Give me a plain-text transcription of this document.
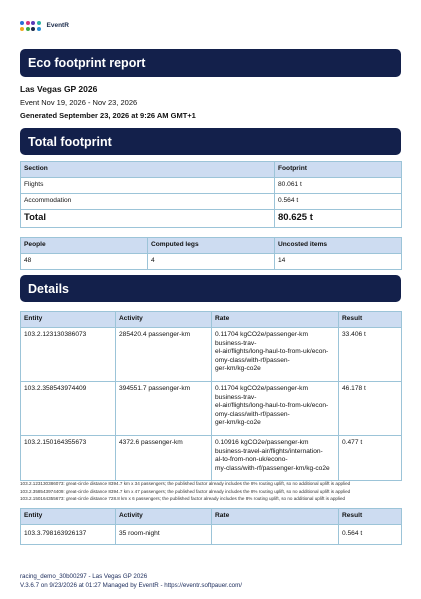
EventR
Eco footprint report
Las Vegas GP 2026
Event Nov 19, 2026 - Nov 23, 2026
Generated September 23, 2026 at 9:26 AM GMT+1
Total footprint
Section	Footprint
Flights	80.061 t
Accommodation	0.564 t
Total	80.625 t
People	Computed legs	Uncosted items
48	4	14
Details
Entity	Activity	Rate	Result
103.2.123130386073	285420.4 passenger-km	0.11704 kgCO2e/passenger-km
business-trav-
el-air/flights/long-haul-to-from-uk/econ-
omy-class/with-rf/passen-
ger-km/kg-co2e	33.406 t
103.2.358543974409	394551.7 passenger-km	0.11704 kgCO2e/passenger-km
business-trav-
el-air/flights/long-haul-to-from-uk/econ-
omy-class/with-rf/passen-
ger-km/kg-co2e	46.178 t
103.2.150164355673	4372.6 passenger-km	0.10916 kgCO2e/passenger-km
business-travel-air/flights/internation-
al-to-from-non-uk/econo-
my-class/with-rf/passenger-km/kg-co2e	0.477 t
103.2.123130386073: great-circle distance 8394.7 km x 34 passengers; the published factor already includes the 8% routing uplift, so no additional uplift is applied
103.2.358543974409: great-circle distance 8394.7 km x 47 passengers; the published factor already includes the 8% routing uplift, so no additional uplift is applied
103.2.150164355673: great-circle distance 728.8 km x 6 passengers; the published factor already includes the 8% routing uplift, so no additional uplift is applied
Entity	Activity	Rate	Result
103.3.798163926137	35 room-night		0.564 t
racing_demo_30b00297 - Las Vegas GP 2026
V.3.6.7 on 9/23/2026 at 01:27 Managed by EventR - https://eventr.softpauer.com/
